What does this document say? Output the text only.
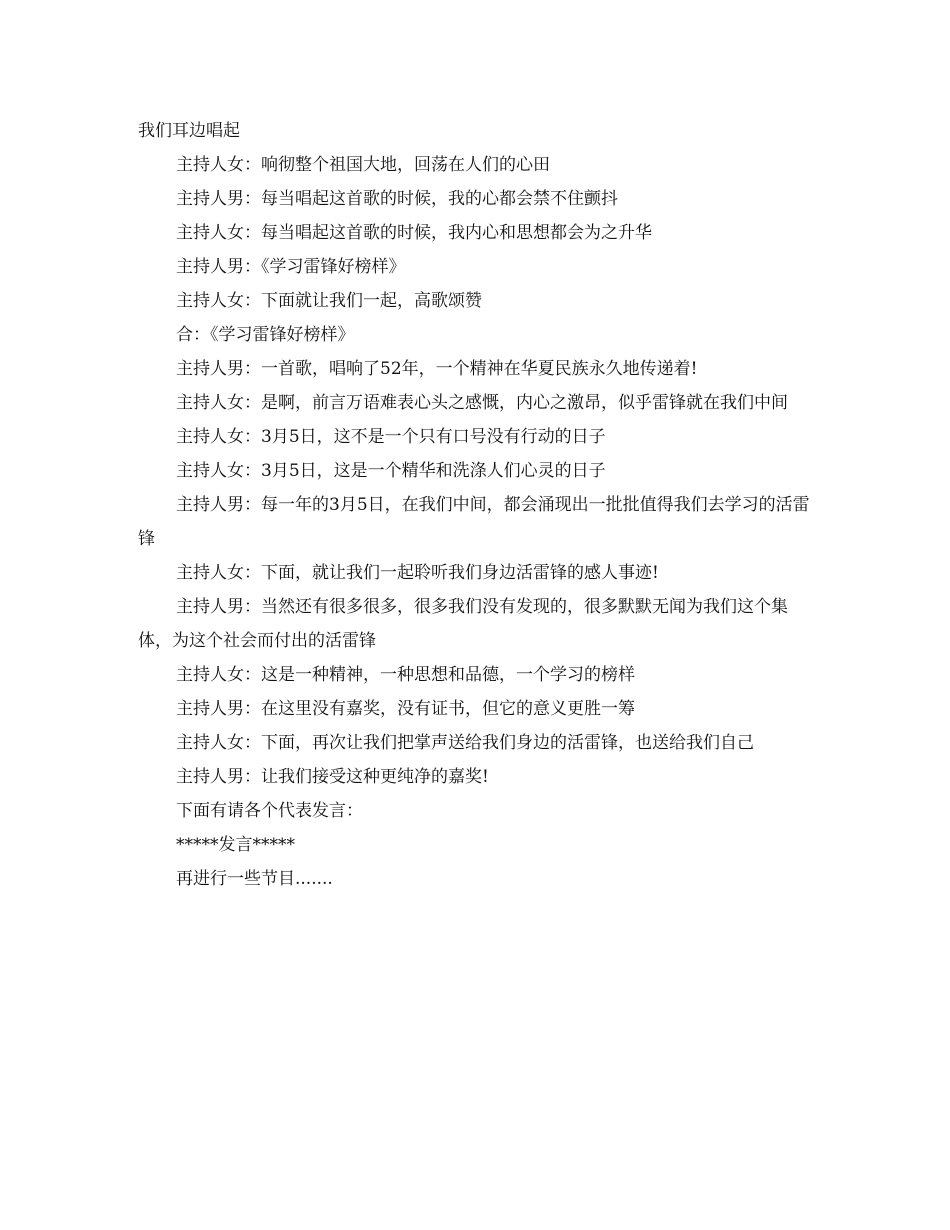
我们耳边唱起

主持人女：响彻整个祖国大地，回荡在人们的心田

主持人男：每当唱起这首歌的时候，我的心都会禁不住颤抖

主持人女：每当唱起这首歌的时候，我内心和思想都会为之升华

主持人男：《学习雷锋好榜样》

主持人女：下面就让我们一起，高歌颂赞

合：《学习雷锋好榜样》

主持人男：一首歌，唱响了52年，一个精神在华夏民族永久地传递着!

主持人女：是啊，前言万语难表心头之感慨，内心之激昂，似乎雷锋就在我们中间

主持人女：3月5日，这不是一个只有口号没有行动的日子

主持人女：3月5日，这是一个精华和洗涤人们心灵的日子

主持人男：每一年的3月5日，在我们中间，都会涌现出一批批值得我们去学习的活雷锋

主持人女：下面，就让我们一起聆听我们身边活雷锋的感人事迹!

主持人男：当然还有很多很多，很多我们没有发现的，很多默默无闻为我们这个集体，为这个社会而付出的活雷锋

主持人女：这是一种精神，一种思想和品德，一个学习的榜样

主持人男：在这里没有嘉奖，没有证书，但它的意义更胜一筹

主持人女：下面，再次让我们把掌声送给我们身边的活雷锋，也送给我们自己

主持人男：让我们接受这种更纯净的嘉奖!

下面有请各个代表发言：

*****发言*****

再进行一些节目.......
